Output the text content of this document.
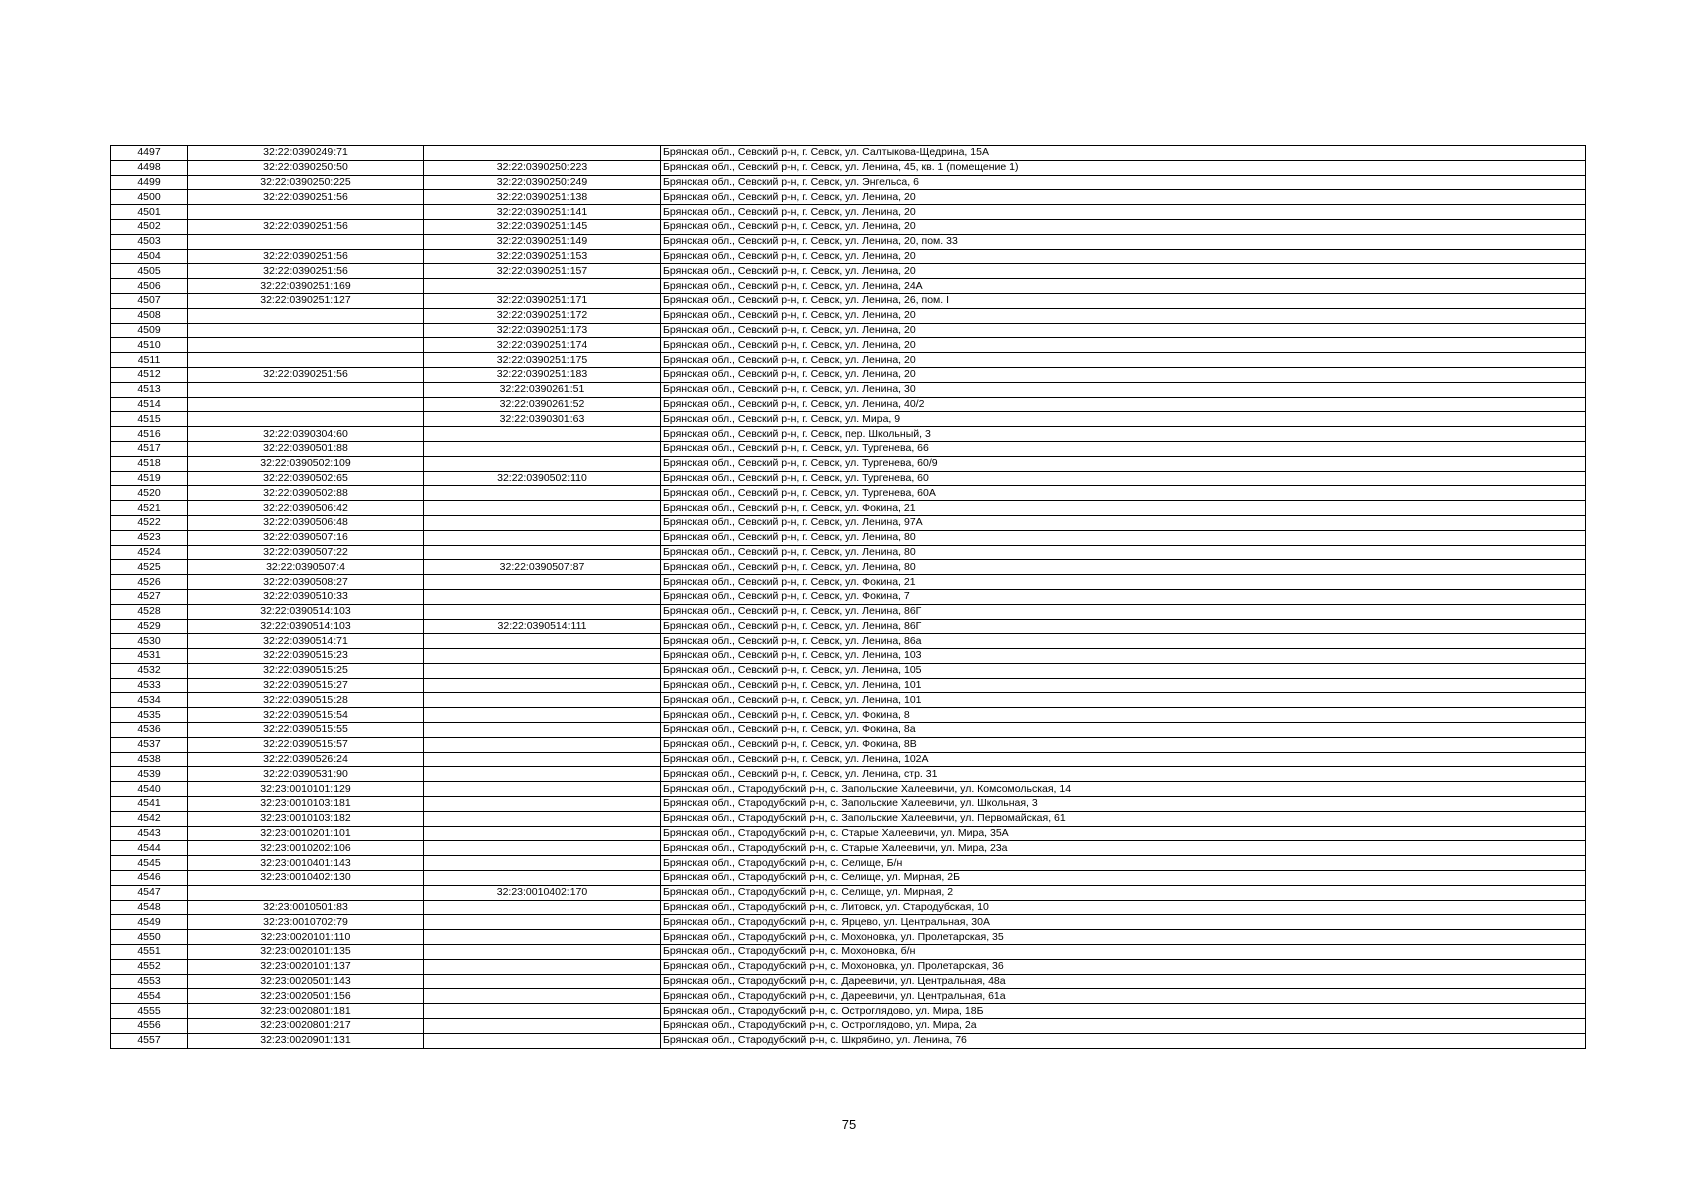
4497	32:22:0390249:71		Брянская обл., Севский р-н, г. Севск, ул. Салтыкова-Щедрина, 15А
4498	32:22:0390250:50	32:22:0390250:223	Брянская обл., Севский р-н, г. Севск, ул. Ленина, 45, кв. 1 (помещение 1)
4499	32:22:0390250:225	32:22:0390250:249	Брянская обл., Севский р-н, г. Севск, ул. Энгельса, 6
4500	32:22:0390251:56	32:22:0390251:138	Брянская обл., Севский р-н, г. Севск, ул. Ленина, 20
4501		32:22:0390251:141	Брянская обл., Севский р-н, г. Севск, ул. Ленина, 20
4502	32:22:0390251:56	32:22:0390251:145	Брянская обл., Севский р-н, г. Севск, ул. Ленина, 20
4503		32:22:0390251:149	Брянская обл., Севский р-н, г. Севск, ул. Ленина, 20, пом. 33
4504	32:22:0390251:56	32:22:0390251:153	Брянская обл., Севский р-н, г. Севск, ул. Ленина, 20
4505	32:22:0390251:56	32:22:0390251:157	Брянская обл., Севский р-н, г. Севск, ул. Ленина, 20
4506	32:22:0390251:169		Брянская обл., Севский р-н, г. Севск, ул. Ленина, 24А
4507	32:22:0390251:127	32:22:0390251:171	Брянская обл., Севский р-н, г. Севск, ул. Ленина, 26, пом. I
4508		32:22:0390251:172	Брянская обл., Севский р-н, г. Севск, ул. Ленина, 20
4509		32:22:0390251:173	Брянская обл., Севский р-н, г. Севск, ул. Ленина, 20
4510		32:22:0390251:174	Брянская обл., Севский р-н, г. Севск, ул. Ленина, 20
4511		32:22:0390251:175	Брянская обл., Севский р-н, г. Севск, ул. Ленина, 20
4512	32:22:0390251:56	32:22:0390251:183	Брянская обл., Севский р-н, г. Севск, ул. Ленина, 20
4513		32:22:0390261:51	Брянская обл., Севский р-н, г. Севск, ул. Ленина, 30
4514		32:22:0390261:52	Брянская обл., Севский р-н, г. Севск, ул. Ленина, 40/2
4515		32:22:0390301:63	Брянская обл., Севский р-н, г. Севск, ул. Мира, 9
4516	32:22:0390304:60		Брянская обл., Севский р-н, г. Севск, пер. Школьный, 3
4517	32:22:0390501:88		Брянская обл., Севский р-н, г. Севск, ул. Тургенева, 66
4518	32:22:0390502:109		Брянская обл., Севский р-н, г. Севск, ул. Тургенева, 60/9
4519	32:22:0390502:65	32:22:0390502:110	Брянская обл., Севский р-н, г. Севск, ул. Тургенева, 60
4520	32:22:0390502:88		Брянская обл., Севский р-н, г. Севск, ул. Тургенева, 60А
4521	32:22:0390506:42		Брянская обл., Севский р-н, г. Севск, ул. Фокина, 21
4522	32:22:0390506:48		Брянская обл., Севский р-н, г. Севск, ул. Ленина, 97А
4523	32:22:0390507:16		Брянская обл., Севский р-н, г. Севск, ул. Ленина, 80
4524	32:22:0390507:22		Брянская обл., Севский р-н, г. Севск, ул. Ленина, 80
4525	32:22:0390507:4	32:22:0390507:87	Брянская обл., Севский р-н, г. Севск, ул. Ленина, 80
4526	32:22:0390508:27		Брянская обл., Севский р-н, г. Севск, ул. Фокина, 21
4527	32:22:0390510:33		Брянская обл., Севский р-н, г. Севск, ул. Фокина, 7
4528	32:22:0390514:103		Брянская обл., Севский р-н, г. Севск, ул. Ленина, 86Г
4529	32:22:0390514:103	32:22:0390514:111	Брянская обл., Севский р-н, г. Севск, ул. Ленина, 86Г
4530	32:22:0390514:71		Брянская обл., Севский р-н, г. Севск, ул. Ленина, 86а
4531	32:22:0390515:23		Брянская обл., Севский р-н, г. Севск, ул. Ленина, 103
4532	32:22:0390515:25		Брянская обл., Севский р-н, г. Севск, ул. Ленина, 105
4533	32:22:0390515:27		Брянская обл., Севский р-н, г. Севск, ул. Ленина, 101
4534	32:22:0390515:28		Брянская обл., Севский р-н, г. Севск, ул. Ленина, 101
4535	32:22:0390515:54		Брянская обл., Севский р-н, г. Севск, ул. Фокина, 8
4536	32:22:0390515:55		Брянская обл., Севский р-н, г. Севск, ул. Фокина, 8а
4537	32:22:0390515:57		Брянская обл., Севский р-н, г. Севск, ул. Фокина, 8В
4538	32:22:0390526:24		Брянская обл., Севский р-н, г. Севск, ул. Ленина, 102А
4539	32:22:0390531:90		Брянская обл., Севский р-н, г. Севск, ул. Ленина, стр. 31
4540	32:23:0010101:129		Брянская обл., Стародубский р-н, с. Запольские Халеевичи, ул. Комсомольская, 14
4541	32:23:0010103:181		Брянская обл., Стародубский р-н, с. Запольские Халеевичи, ул. Школьная, 3
4542	32:23:0010103:182		Брянская обл., Стародубский р-н, с. Запольские Халеевичи, ул. Первомайская, 61
4543	32:23:0010201:101		Брянская обл., Стародубский р-н, с. Старые Халеевичи, ул. Мира, 35А
4544	32:23:0010202:106		Брянская обл., Стародубский р-н, с. Старые Халеевичи, ул. Мира, 23а
4545	32:23:0010401:143		Брянская обл., Стародубский р-н, с. Селище, Б/н
4546	32:23:0010402:130		Брянская обл., Стародубский р-н, с. Селище, ул. Мирная, 2Б
4547		32:23:0010402:170	Брянская обл., Стародубский р-н, с. Селище, ул. Мирная, 2
4548	32:23:0010501:83		Брянская обл., Стародубский р-н, с. Литовск, ул. Стародубская, 10
4549	32:23:0010702:79		Брянская обл., Стародубский р-н, с. Ярцево, ул. Центральная, 30А
4550	32:23:0020101:110		Брянская обл., Стародубский р-н, с. Мохоновка, ул. Пролетарская, 35
4551	32:23:0020101:135		Брянская обл., Стародубский р-н, с. Мохоновка, б/н
4552	32:23:0020101:137		Брянская обл., Стародубский р-н, с. Мохоновка, ул. Пролетарская, 36
4553	32:23:0020501:143		Брянская обл., Стародубский р-н, с. Дареевичи, ул. Центральная, 48а
4554	32:23:0020501:156		Брянская обл., Стародубский р-н, с. Дареевичи, ул. Центральная, 61а
4555	32:23:0020801:181		Брянская обл., Стародубский р-н, с. Остроглядово, ул. Мира, 18Б
4556	32:23:0020801:217		Брянская обл., Стародубский р-н, с. Остроглядово, ул. Мира, 2а
4557	32:23:0020901:131		Брянская обл., Стародубский р-н, с. Шкрябино, ул. Ленина, 76
75
